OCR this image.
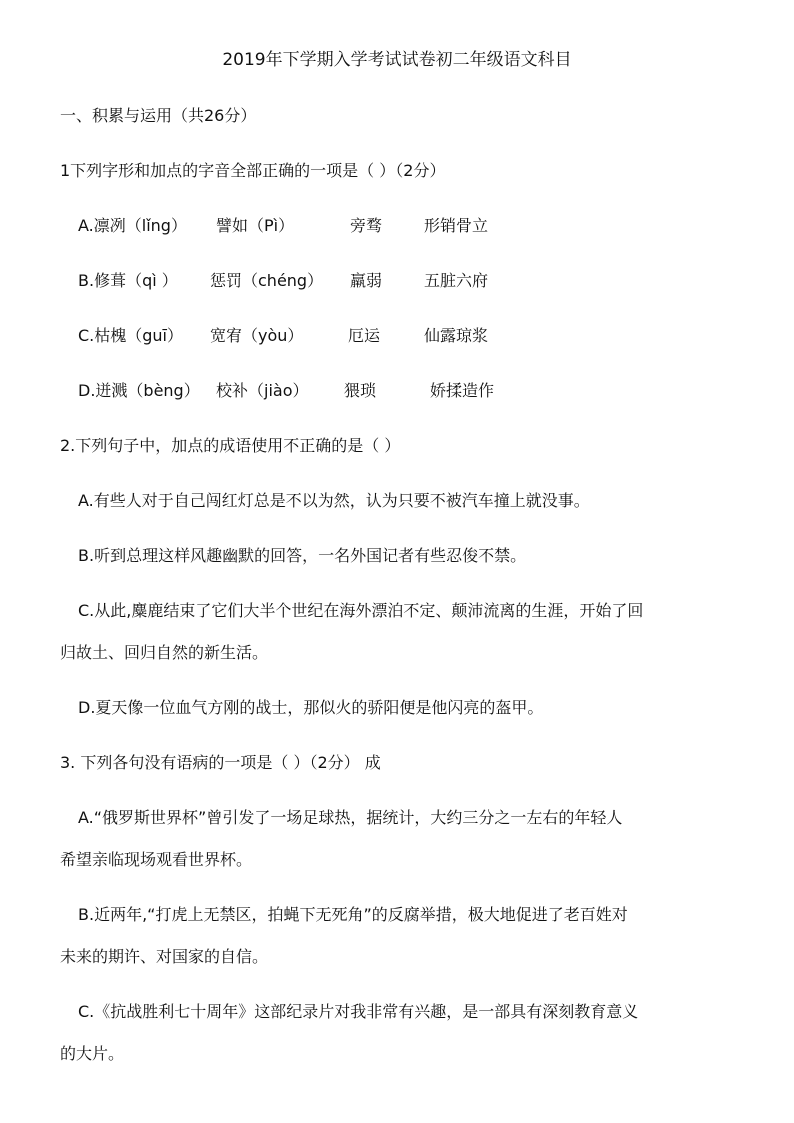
2019年下学期入学考试试卷初二年级语文科目
一、积累与运用（共26分）
1下列字形和加点的字音全部正确的一项是（ ）（2分）
A.凛冽（lǐng） 譬如（Pì）	旁骛	形销骨立
B.修葺（qì ） 惩罚（chéng） 羸弱	五脏六府
C.枯槐（guī） 宽宥（yòu）	厄运	仙露琼浆
D.迸溅（bèng） 校补（jiào） 猥琐	娇揉造作
2.下列句子中，加点的成语使用不正确的是（ ）
A.有些人对于自己闯红灯总是不以为然，认为只要不被汽车撞上就没事。
B.听到总理这样风趣幽默的回答，一名外国记者有些忍俊不禁。
C.从此,麋鹿结束了它们大半个世纪在海外漂泊不定、颠沛流离的生涯，开始了回
归故土、回归自然的新生活。
D.夏天像一位血气方刚的战士，那似火的骄阳便是他闪亮的盔甲。
3. 下列各句没有语病的一项是（ ）（2分） 成
A.“俄罗斯世界杯”曾引发了一场足球热，据统计，大约三分之一左右的年轻人
希望亲临现场观看世界杯。
B.近两年,“打虎上无禁区，拍蝇下无死角”的反腐举措，极大地促进了老百姓对
未来的期许、对国家的自信。
C.《抗战胜利七十周年》这部纪录片对我非常有兴趣，是一部具有深刻教育意义
的大片。
